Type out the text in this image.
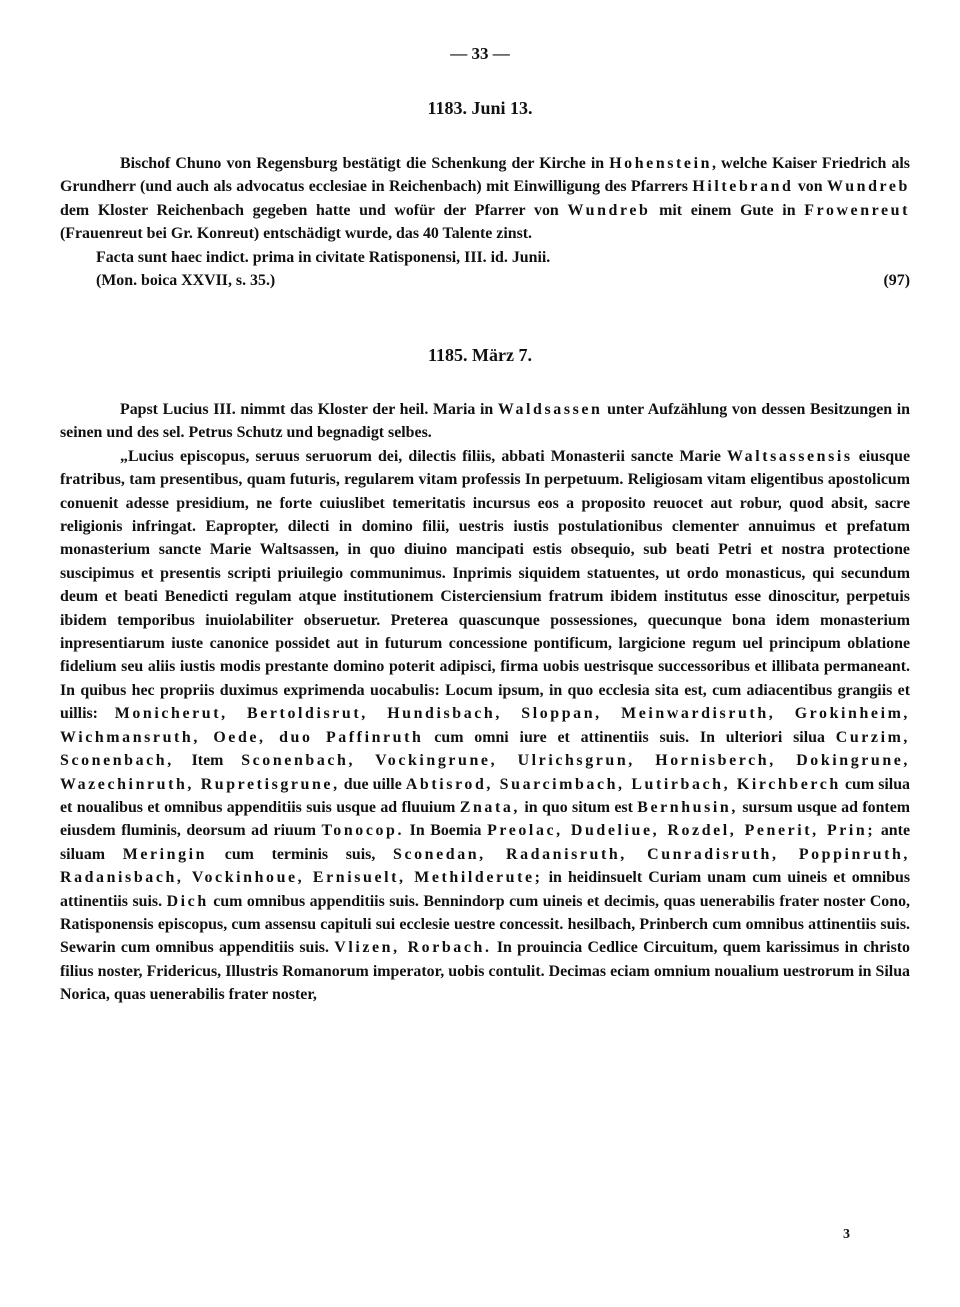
— 33 —
1183. Juni 13.

Bischof Chuno von Regensburg bestätigt die Schenkung der Kirche in Hohenstein, welche Kaiser Friedrich als Grundherr (und auch als advocatus ecclesiae in Reichenbach) mit Einwilligung des Pfarrers Hiltebrand von Wundreb dem Kloster Reichenbach gegeben hatte und wofür der Pfarrer von Wundreb mit einem Gute in Frowenreut (Frauenreut bei Gr. Konreut) entschädigt wurde, das 40 Talente zinst.

Facta sunt haec indict. prima in civitate Ratisponensi, III. id. Junii.

(Mon. boica XXVII, s. 35.)	(97)
1185. März 7.

Papst Lucius III. nimmt das Kloster der heil. Maria in Waldsassen unter Aufzählung von dessen Besitzungen in seinen und des sel. Petrus Schutz und begnadigt selbes.

„Lucius episcopus, seruus seruorum dei, dilectis filiis, abbati Monasterii sancte Marie Waltsassensis eiusque fratribus, tam presentibus, quam futuris, regularem vitam professis In perpetuum. Religiosam vitam eligentibus apostolicum conuenit adesse presidium, ne forte cuiuslibet temeritatis incursus eos a proposito reuocet aut robur, quod absit, sacre religionis infringat. Eapropter, dilecti in domino filii, uestris iustis postulationibus clementer annuimus et prefatum monasterium sancte Marie Waltsassen, in quo diuino mancipati estis obsequio, sub beati Petri et nostra protectione suscipimus et presentis scripti priuilegio communimus. Inprimis siquidem statuentes, ut ordo monasticus, qui secundum deum et beati Benedicti regulam atque institutionem Cisterciensium fratrum ibidem institutus esse dinoscitur, perpetuis ibidem temporibus inuiolabiliter obseruetur. Preterea quascunque possessiones, quecunque bona idem monasterium inpresentiarum iuste canonice possidet aut in futurum concessione pontificum, largicione regum uel principum oblatione fidelium seu aliis iustis modis prestante domino poterit adipisci, firma uobis uestrisque successoribus et illibata permaneant. In quibus hec propriis duximus exprimenda uocabulis: Locum ipsum, in quo ecclesia sita est, cum adiacentibus grangiis et uillis: Monicherut, Bertoldisrut, Hundisbach, Sloppan, Meinwardisruth, Grokinheim, Wichmansruth, Oede, duo Paffinruth cum omni iure et attinentiis suis. In ulteriori silua Curzim, Sconenbach, Item Sconenbach, Vockingrune, Ulrichsgrun, Hornisberch, Dokingrune, Wazechinruth, Rupretisgrune, due uille Abtisrod, Suarcimbach, Lutirbach, Kirchberch cum silua et noualibus et omnibus appenditiis suis usque ad fluuium Znata, in quo situm est Bernhusin, sursum usque ad fontem eiusdem fluminis, deorsum ad riuum Tonocop. In Boemia Preolac, Dudeliue, Rozdel, Penerit, Prin; ante siluam Meringin cum terminis suis, Sconedan, Radanisruth, Cunradisruth, Poppinruth, Radanisbach, Vockinhoue, Ernisuelt, Methilderute; in heidinsuelt Curiam unam cum uineis et omnibus attinentiis suis. Dich cum omnibus appenditiis suis. Bennindorp cum uineis et decimis, quas uenerabilis frater noster Cono, Ratisponensis episcopus, cum assensu capituli sui ecclesie uestre concessit. hesilbach, Prinberch cum omnibus attinentiis suis. Sewarin cum omnibus appenditiis suis. Vlizen, Rorbach. In prouincia Cedlice Circuitum, quem karissimus in christo filius noster, Fridericus, Illustris Romanorum imperator, uobis contulit. Decimas eciam omnium noualium uestrorum in Silua Norica, quas uenerabilis frater noster,

3
